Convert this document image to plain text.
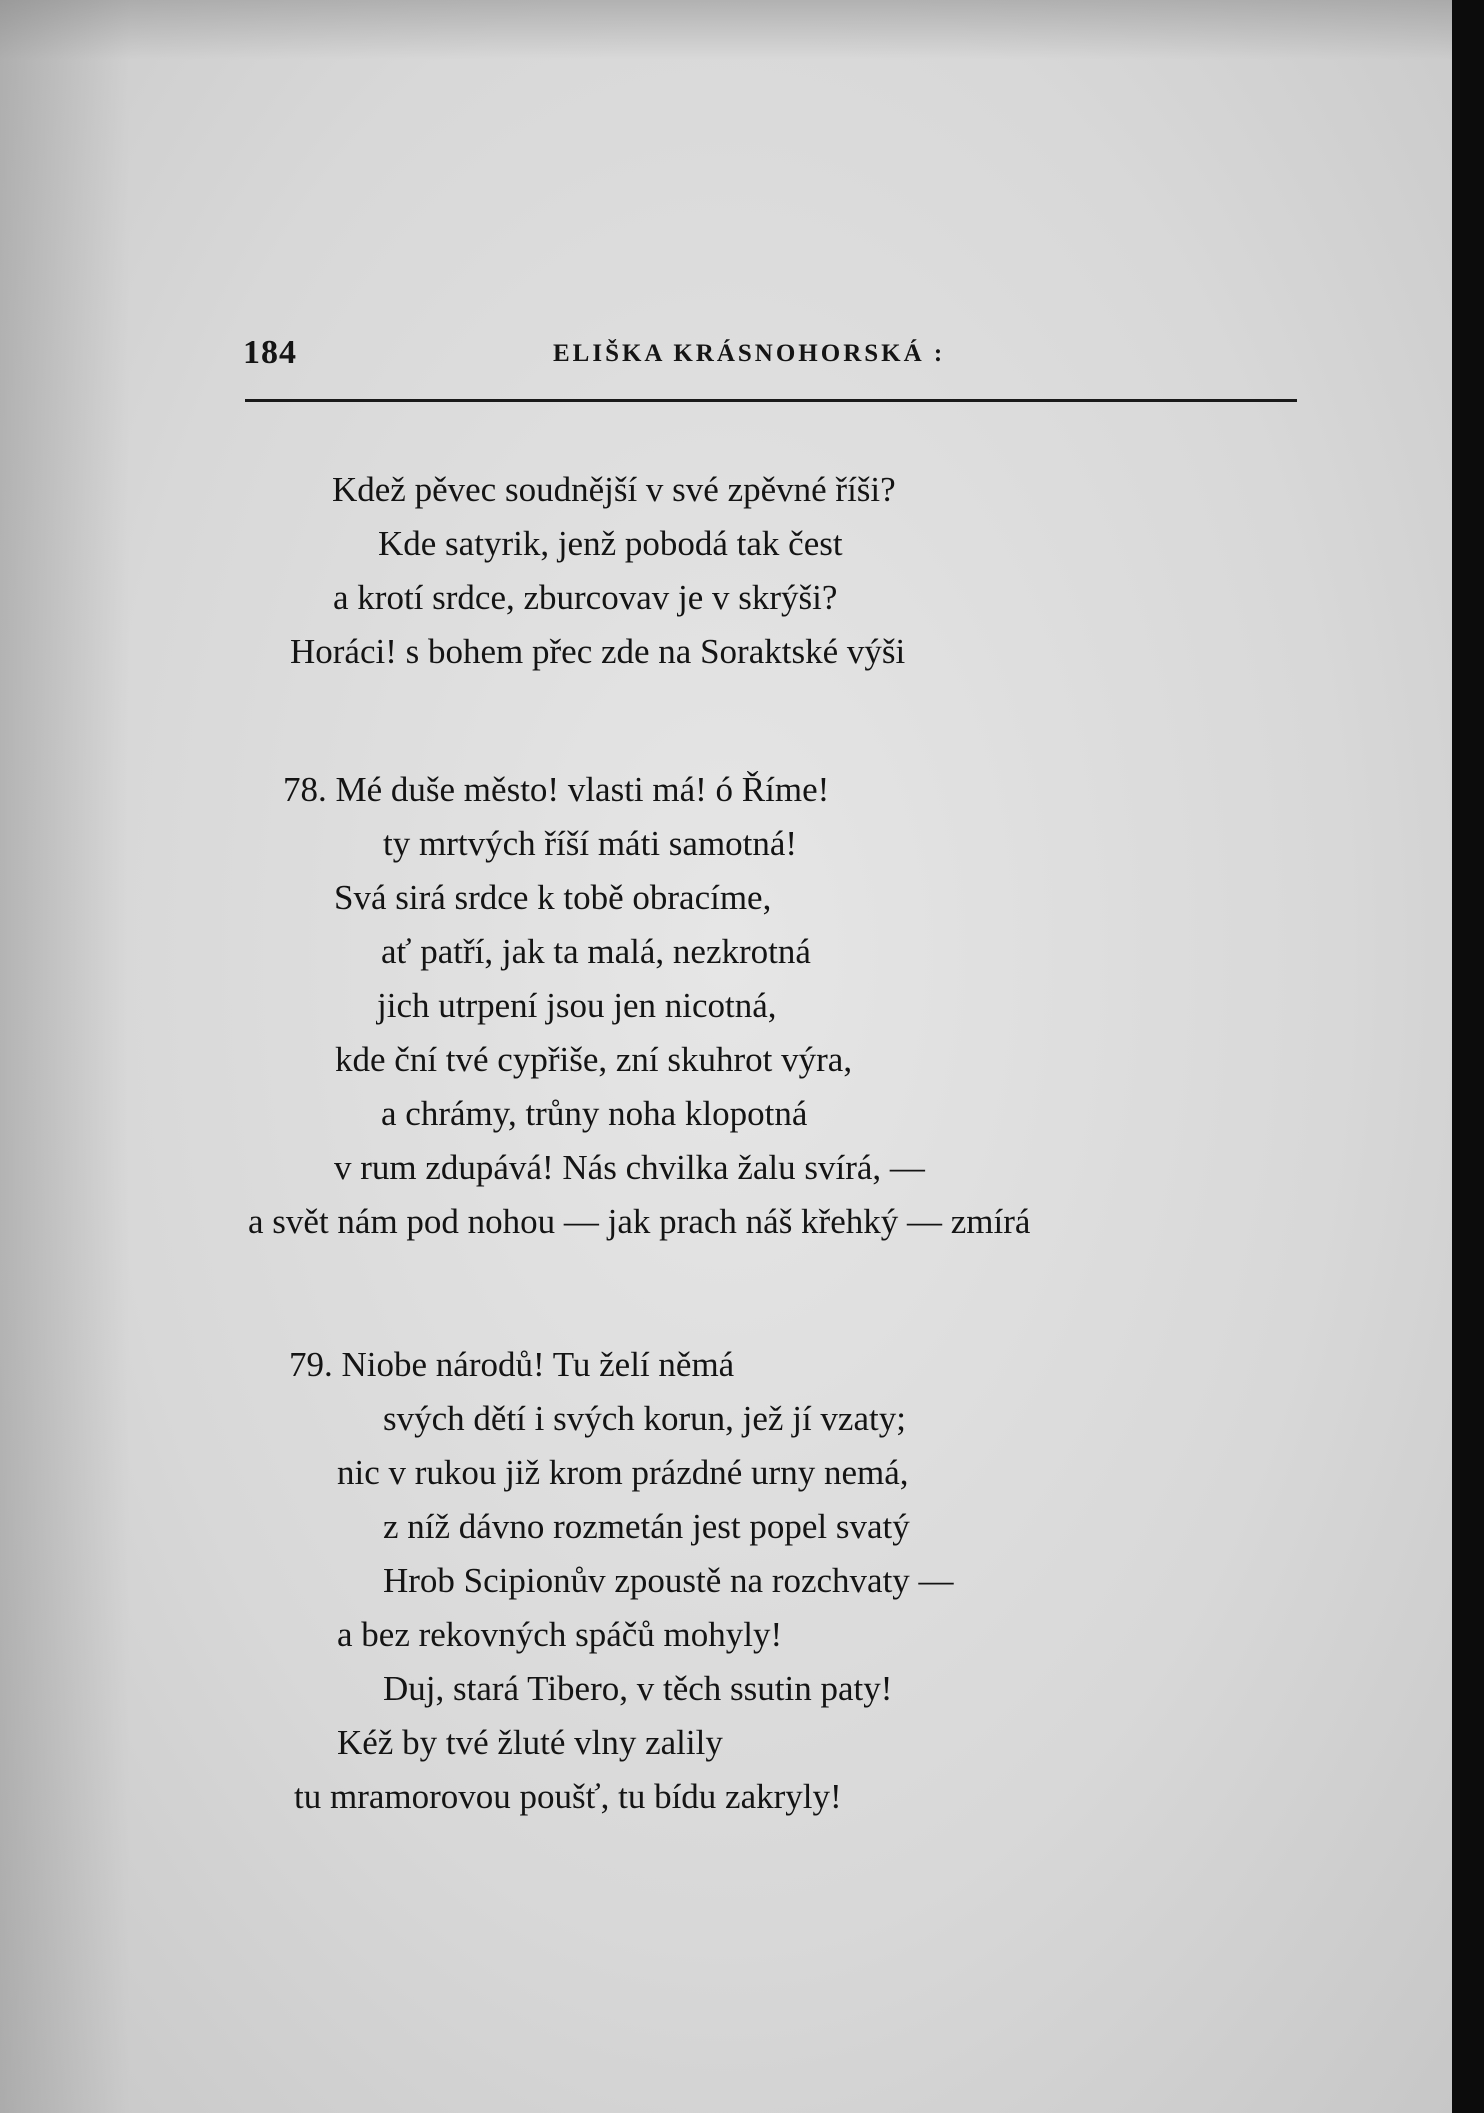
184	ELIŠKA KRÁSNOHORSKÁ :
Kdež pěvec soudnější v své zpěvné říši?
Kde satyrik, jenž pobodá tak čest
a krotí srdce, zburcovav je v skrýši?
Horáci! s bohem přec zde na Soraktské výši
78. Mé duše město! vlasti má! ó Říme!
ty mrtvých říší máti samotná!
Svá sirá srdce k tobě obracíme,
ať patří, jak ta malá, nezkrotná
jich utrpení jsou jen nicotná,
kde ční tvé cypřiše, zní skuhrot výra,
a chrámy, trůny noha klopotná
v rum zdupává! Nás chvilka žalu svírá, —
a svět nám pod nohou — jak prach náš křehký — zmírá
79. Niobe národů! Tu želí němá
svých dětí i svých korun, jež jí vzaty;
nic v rukou již krom prázdné urny nemá,
z níž dávno rozmetán jest popel svatý
Hrob Scipionův zpoustě na rozchvaty —
a bez rekovných spáčů mohyly!
Duj, stará Tibero, v těch ssutin paty!
Kéž by tvé žluté vlny zalily
tu mramorovou poušť, tu bídu zakryly!
